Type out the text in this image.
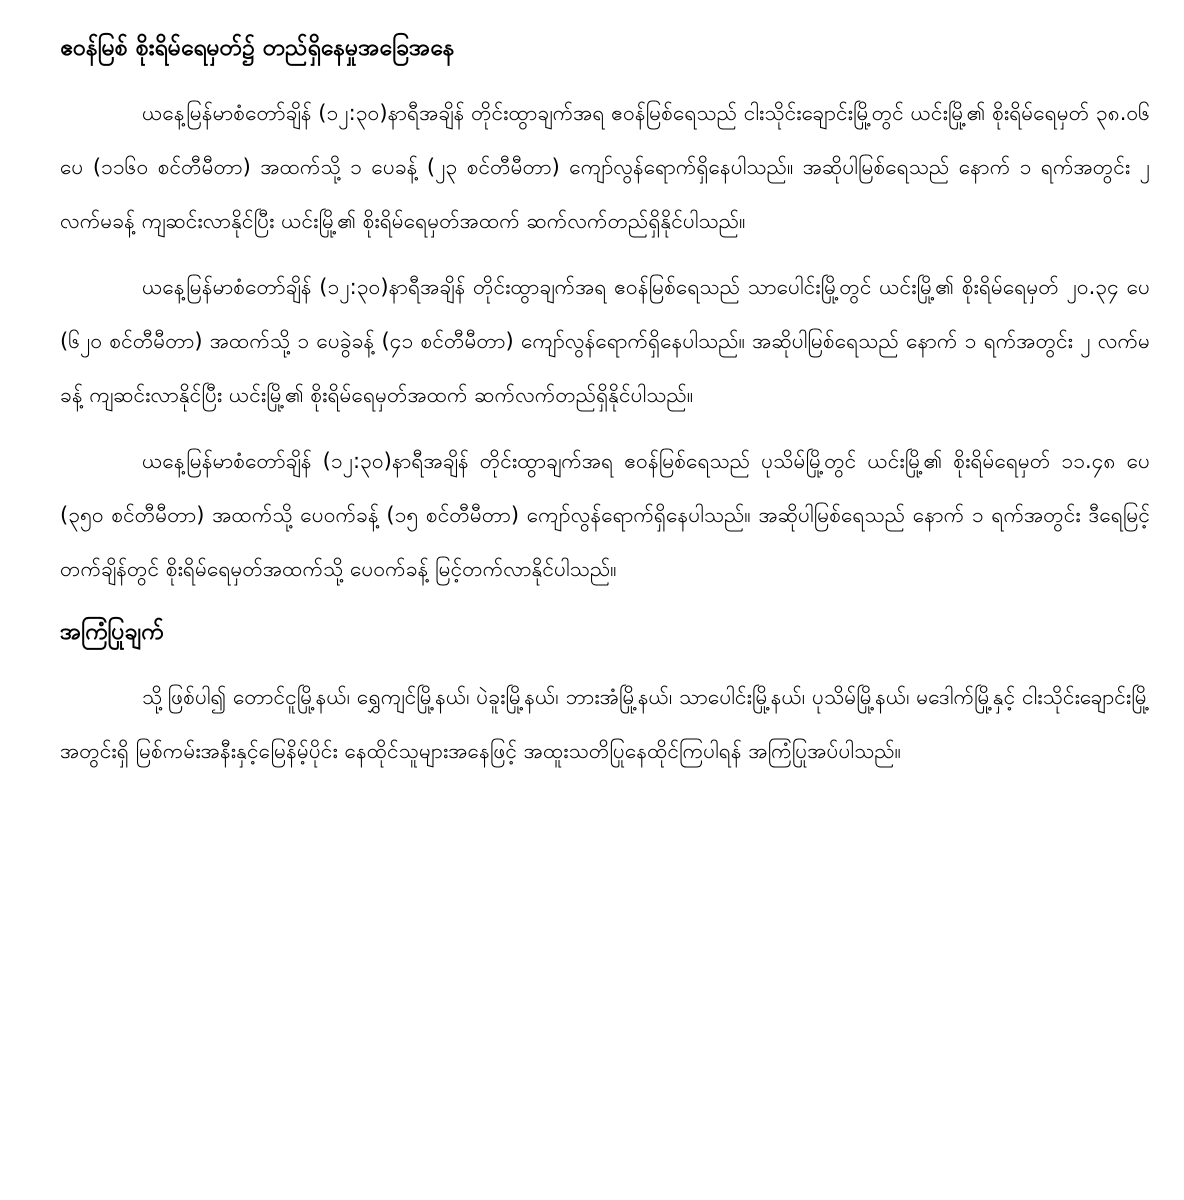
ဧဝန်မြစ် စိုးရိမ်ရေမှတ်၌ တည်ရှိနေမှုအခြေအနေ

ယနေ့မြန်မာစံတော်ချိန် (၁၂:၃၀)နာရီအချိန် တိုင်းထွာချက်အရ ဧဝန်မြစ်ရေသည် ငါးသိုင်းချောင်းမြို့တွင် ယင်းမြို့၏ စိုးရိမ်ရေမှတ် ၃၈.၀၆ ပေ (၁၁၆၀ စင်တီမီတာ) အထက်သို့ ၁ ပေခန့် (၂၃ စင်တီမီတာ) ကျော်လွန်ရောက်ရှိနေပါသည်။ အဆိုပါမြစ်ရေသည် နောက် ၁ ရက်အတွင်း ၂ လက်မခန့် ကျဆင်းလာနိုင်ပြီး ယင်းမြို့၏ စိုးရိမ်ရေမှတ်အထက် ဆက်လက်တည်ရှိနိုင်ပါသည်။

ယနေ့မြန်မာစံတော်ချိန် (၁၂:၃၀)နာရီအချိန် တိုင်းထွာချက်အရ ဧဝန်မြစ်ရေသည် သာပေါင်းမြို့တွင် ယင်းမြို့၏ စိုးရိမ်ရေမှတ် ၂၀.၃၄ ပေ (၆၂၀ စင်တီမီတာ) အထက်သို့ ၁ ပေခွဲခန့် (၄၁ စင်တီမီတာ) ကျော်လွန်ရောက်ရှိနေပါသည်။ အဆိုပါမြစ်ရေသည် နောက် ၁ ရက်အတွင်း ၂ လက်မခန့် ကျဆင်းလာနိုင်ပြီး ယင်းမြို့၏ စိုးရိမ်ရေမှတ်အထက် ဆက်လက်တည်ရှိနိုင်ပါသည်။

ယနေ့မြန်မာစံတော်ချိန် (၁၂:၃၀)နာရီအချိန် တိုင်းထွာချက်အရ ဧဝန်မြစ်ရေသည် ပုသိမ်မြို့တွင် ယင်းမြို့၏ စိုးရိမ်ရေမှတ် ၁၁.၄၈ ပေ (၃၅၀ စင်တီမီတာ) အထက်သို့ ပေဝက်ခန့် (၁၅ စင်တီမီတာ) ကျော်လွန်ရောက်ရှိနေပါသည်။ အဆိုပါမြစ်ရေသည် နောက် ၁ ရက်အတွင်း ဒီရေမြင့်တက်ချိန်တွင် စိုးရိမ်ရေမှတ်အထက်သို့ ပေဝက်ခန့် မြင့်တက်လာနိုင်ပါသည်။

အကြံပြုချက်

သို့ဖြစ်ပါ၍ တောင်ငူမြို့နယ်၊ ရွှေကျင်မြို့နယ်၊ ပဲခူးမြို့နယ်၊ ဘားအံမြို့နယ်၊ သာပေါင်းမြို့နယ်၊ ပုသိမ်မြို့နယ်၊ မဒေါက်မြို့နှင့် ငါးသိုင်းချောင်းမြို့အတွင်းရှိ မြစ်ကမ်းအနီးနှင့်မြေနိမ့်ပိုင်း နေထိုင်သူများအနေဖြင့် အထူးသတိပြုနေထိုင်ကြပါရန် အကြံပြုအပ်ပါသည်။
